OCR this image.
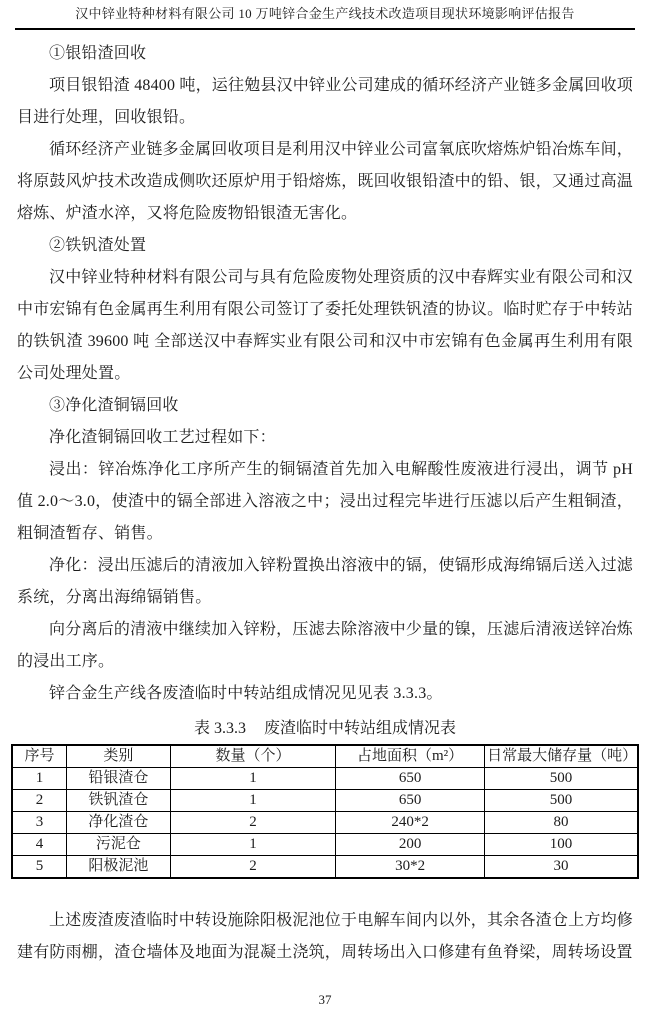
汉中锌业特种材料有限公司 10 万吨锌合金生产线技术改造项目现状环境影响评估报告

①银铅渣回收

项目银铅渣 48400 吨，运往勉县汉中锌业公司建成的循环经济产业链多金属回收项目进行处理，回收银铅。

循环经济产业链多金属回收项目是利用汉中锌业公司富氧底吹熔炼炉铅冶炼车间，将原鼓风炉技术改造成侧吹还原炉用于铅熔炼，既回收银铅渣中的铅、银，又通过高温熔炼、炉渣水淬，又将危险废物铅银渣无害化。

②铁钒渣处置

汉中锌业特种材料有限公司与具有危险废物处理资质的汉中春辉实业有限公司和汉中市宏锦有色金属再生利用有限公司签订了委托处理铁钒渣的协议。临时贮存于中转站的铁钒渣 39600 吨 全部送汉中春辉实业有限公司和汉中市宏锦有色金属再生利用有限公司处理处置。

③净化渣铜镉回收

净化渣铜镉回收工艺过程如下：

浸出：锌冶炼净化工序所产生的铜镉渣首先加入电解酸性废液进行浸出，调节 pH 值 2.0～3.0，使渣中的镉全部进入溶液之中；浸出过程完毕进行压滤以后产生粗铜渣，粗铜渣暂存、销售。

净化：浸出压滤后的清液加入锌粉置换出溶液中的镉，使镉形成海绵镉后送入过滤系统，分离出海绵镉销售。

向分离后的清液中继续加入锌粉，压滤去除溶液中少量的镍，压滤后清液送锌冶炼的浸出工序。

锌合金生产线各废渣临时中转站组成情况见见表 3.3.3。

表 3.3.3 废渣临时中转站组成情况表
序号	类别	数量（个）	占地面积（m²）	日常最大储存量（吨）
1	铅银渣仓	1	650	500
2	铁钒渣仓	1	650	500
3	净化渣仓	2	240*2	80
4	污泥仓	1	200	100
5	阳极泥池	2	30*2	30

上述废渣废渣临时中转设施除阳极泥池位于电解车间内以外，其余各渣仓上方均修建有防雨棚，渣仓墙体及地面为混凝土浇筑，周转场出入口修建有鱼脊梁，周转场设置

37
